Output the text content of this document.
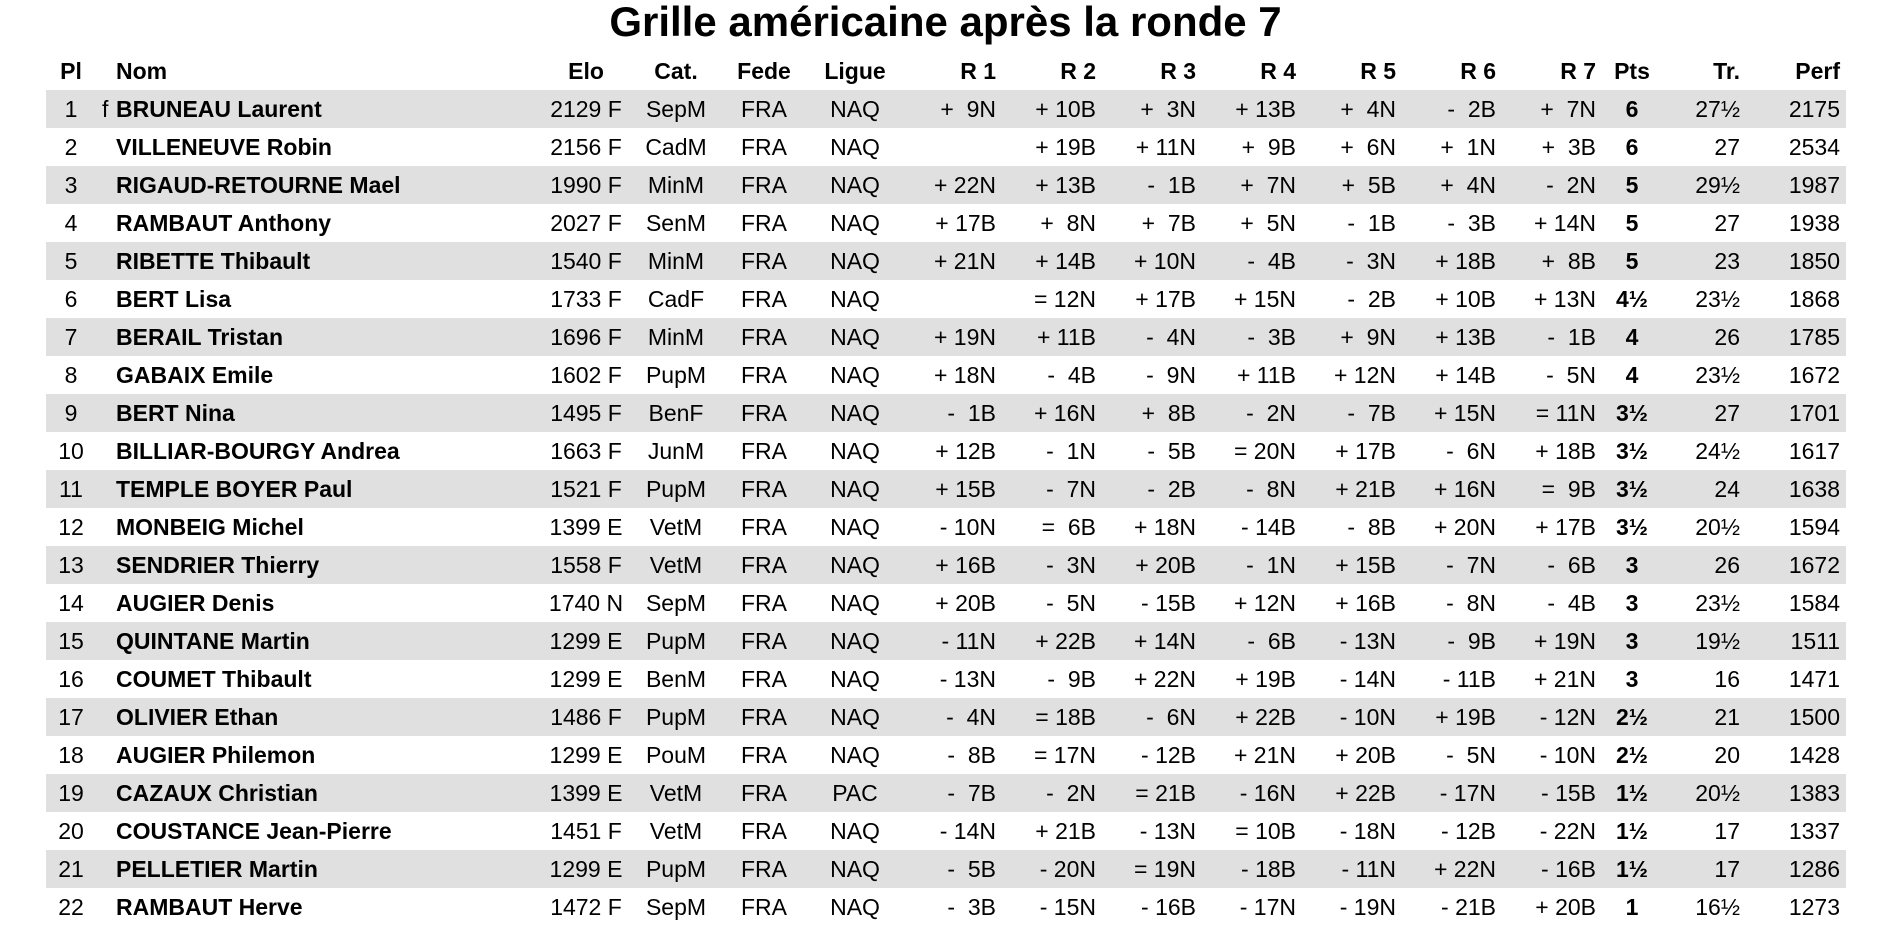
Grille américaine après la ronde 7
Pl		Nom	Elo	Cat.	Fede	Ligue	R 1	R 2	R 3	R 4	R 5	R 6	R 7	Pts	Tr.	Perf
1	f	BRUNEAU Laurent	2129 F	SepM	FRA	NAQ	+  9N	+ 10B	+  3N	+ 13B	+  4N	-  2B	+  7N	6	27½	2175
2		VILLENEUVE Robin	2156 F	CadM	FRA	NAQ		+ 19B	+ 11N	+  9B	+  6N	+  1N	+  3B	6	27	2534
3		RIGAUD-RETOURNE Mael	1990 F	MinM	FRA	NAQ	+ 22N	+ 13B	-  1B	+  7N	+  5B	+  4N	-  2N	5	29½	1987
4		RAMBAUT Anthony	2027 F	SenM	FRA	NAQ	+ 17B	+  8N	+  7B	+  5N	-  1B	-  3B	+ 14N	5	27	1938
5		RIBETTE Thibault	1540 F	MinM	FRA	NAQ	+ 21N	+ 14B	+ 10N	-  4B	-  3N	+ 18B	+  8B	5	23	1850
6		BERT Lisa	1733 F	CadF	FRA	NAQ		= 12N	+ 17B	+ 15N	-  2B	+ 10B	+ 13N	4½	23½	1868
7		BERAIL Tristan	1696 F	MinM	FRA	NAQ	+ 19N	+ 11B	-  4N	-  3B	+  9N	+ 13B	-  1B	4	26	1785
8		GABAIX Emile	1602 F	PupM	FRA	NAQ	+ 18N	-  4B	-  9N	+ 11B	+ 12N	+ 14B	-  5N	4	23½	1672
9		BERT Nina	1495 F	BenF	FRA	NAQ	-  1B	+ 16N	+  8B	-  2N	-  7B	+ 15N	= 11N	3½	27	1701
10		BILLIAR-BOURGY Andrea	1663 F	JunM	FRA	NAQ	+ 12B	-  1N	-  5B	= 20N	+ 17B	-  6N	+ 18B	3½	24½	1617
11		TEMPLE BOYER Paul	1521 F	PupM	FRA	NAQ	+ 15B	-  7N	-  2B	-  8N	+ 21B	+ 16N	=  9B	3½	24	1638
12		MONBEIG Michel	1399 E	VetM	FRA	NAQ	- 10N	=  6B	+ 18N	- 14B	-  8B	+ 20N	+ 17B	3½	20½	1594
13		SENDRIER Thierry	1558 F	VetM	FRA	NAQ	+ 16B	-  3N	+ 20B	-  1N	+ 15B	-  7N	-  6B	3	26	1672
14		AUGIER Denis	1740 N	SepM	FRA	NAQ	+ 20B	-  5N	- 15B	+ 12N	+ 16B	-  8N	-  4B	3	23½	1584
15		QUINTANE Martin	1299 E	PupM	FRA	NAQ	- 11N	+ 22B	+ 14N	-  6B	- 13N	-  9B	+ 19N	3	19½	1511
16		COUMET Thibault	1299 E	BenM	FRA	NAQ	- 13N	-  9B	+ 22N	+ 19B	- 14N	- 11B	+ 21N	3	16	1471
17		OLIVIER Ethan	1486 F	PupM	FRA	NAQ	-  4N	= 18B	-  6N	+ 22B	- 10N	+ 19B	- 12N	2½	21	1500
18		AUGIER Philemon	1299 E	PouM	FRA	NAQ	-  8B	= 17N	- 12B	+ 21N	+ 20B	-  5N	- 10N	2½	20	1428
19		CAZAUX Christian	1399 E	VetM	FRA	PAC	-  7B	-  2N	= 21B	- 16N	+ 22B	- 17N	- 15B	1½	20½	1383
20		COUSTANCE Jean-Pierre	1451 F	VetM	FRA	NAQ	- 14N	+ 21B	- 13N	= 10B	- 18N	- 12B	- 22N	1½	17	1337
21		PELLETIER Martin	1299 E	PupM	FRA	NAQ	-  5B	- 20N	= 19N	- 18B	- 11N	+ 22N	- 16B	1½	17	1286
22		RAMBAUT Herve	1472 F	SepM	FRA	NAQ	-  3B	- 15N	- 16B	- 17N	- 19N	- 21B	+ 20B	1	16½	1273
